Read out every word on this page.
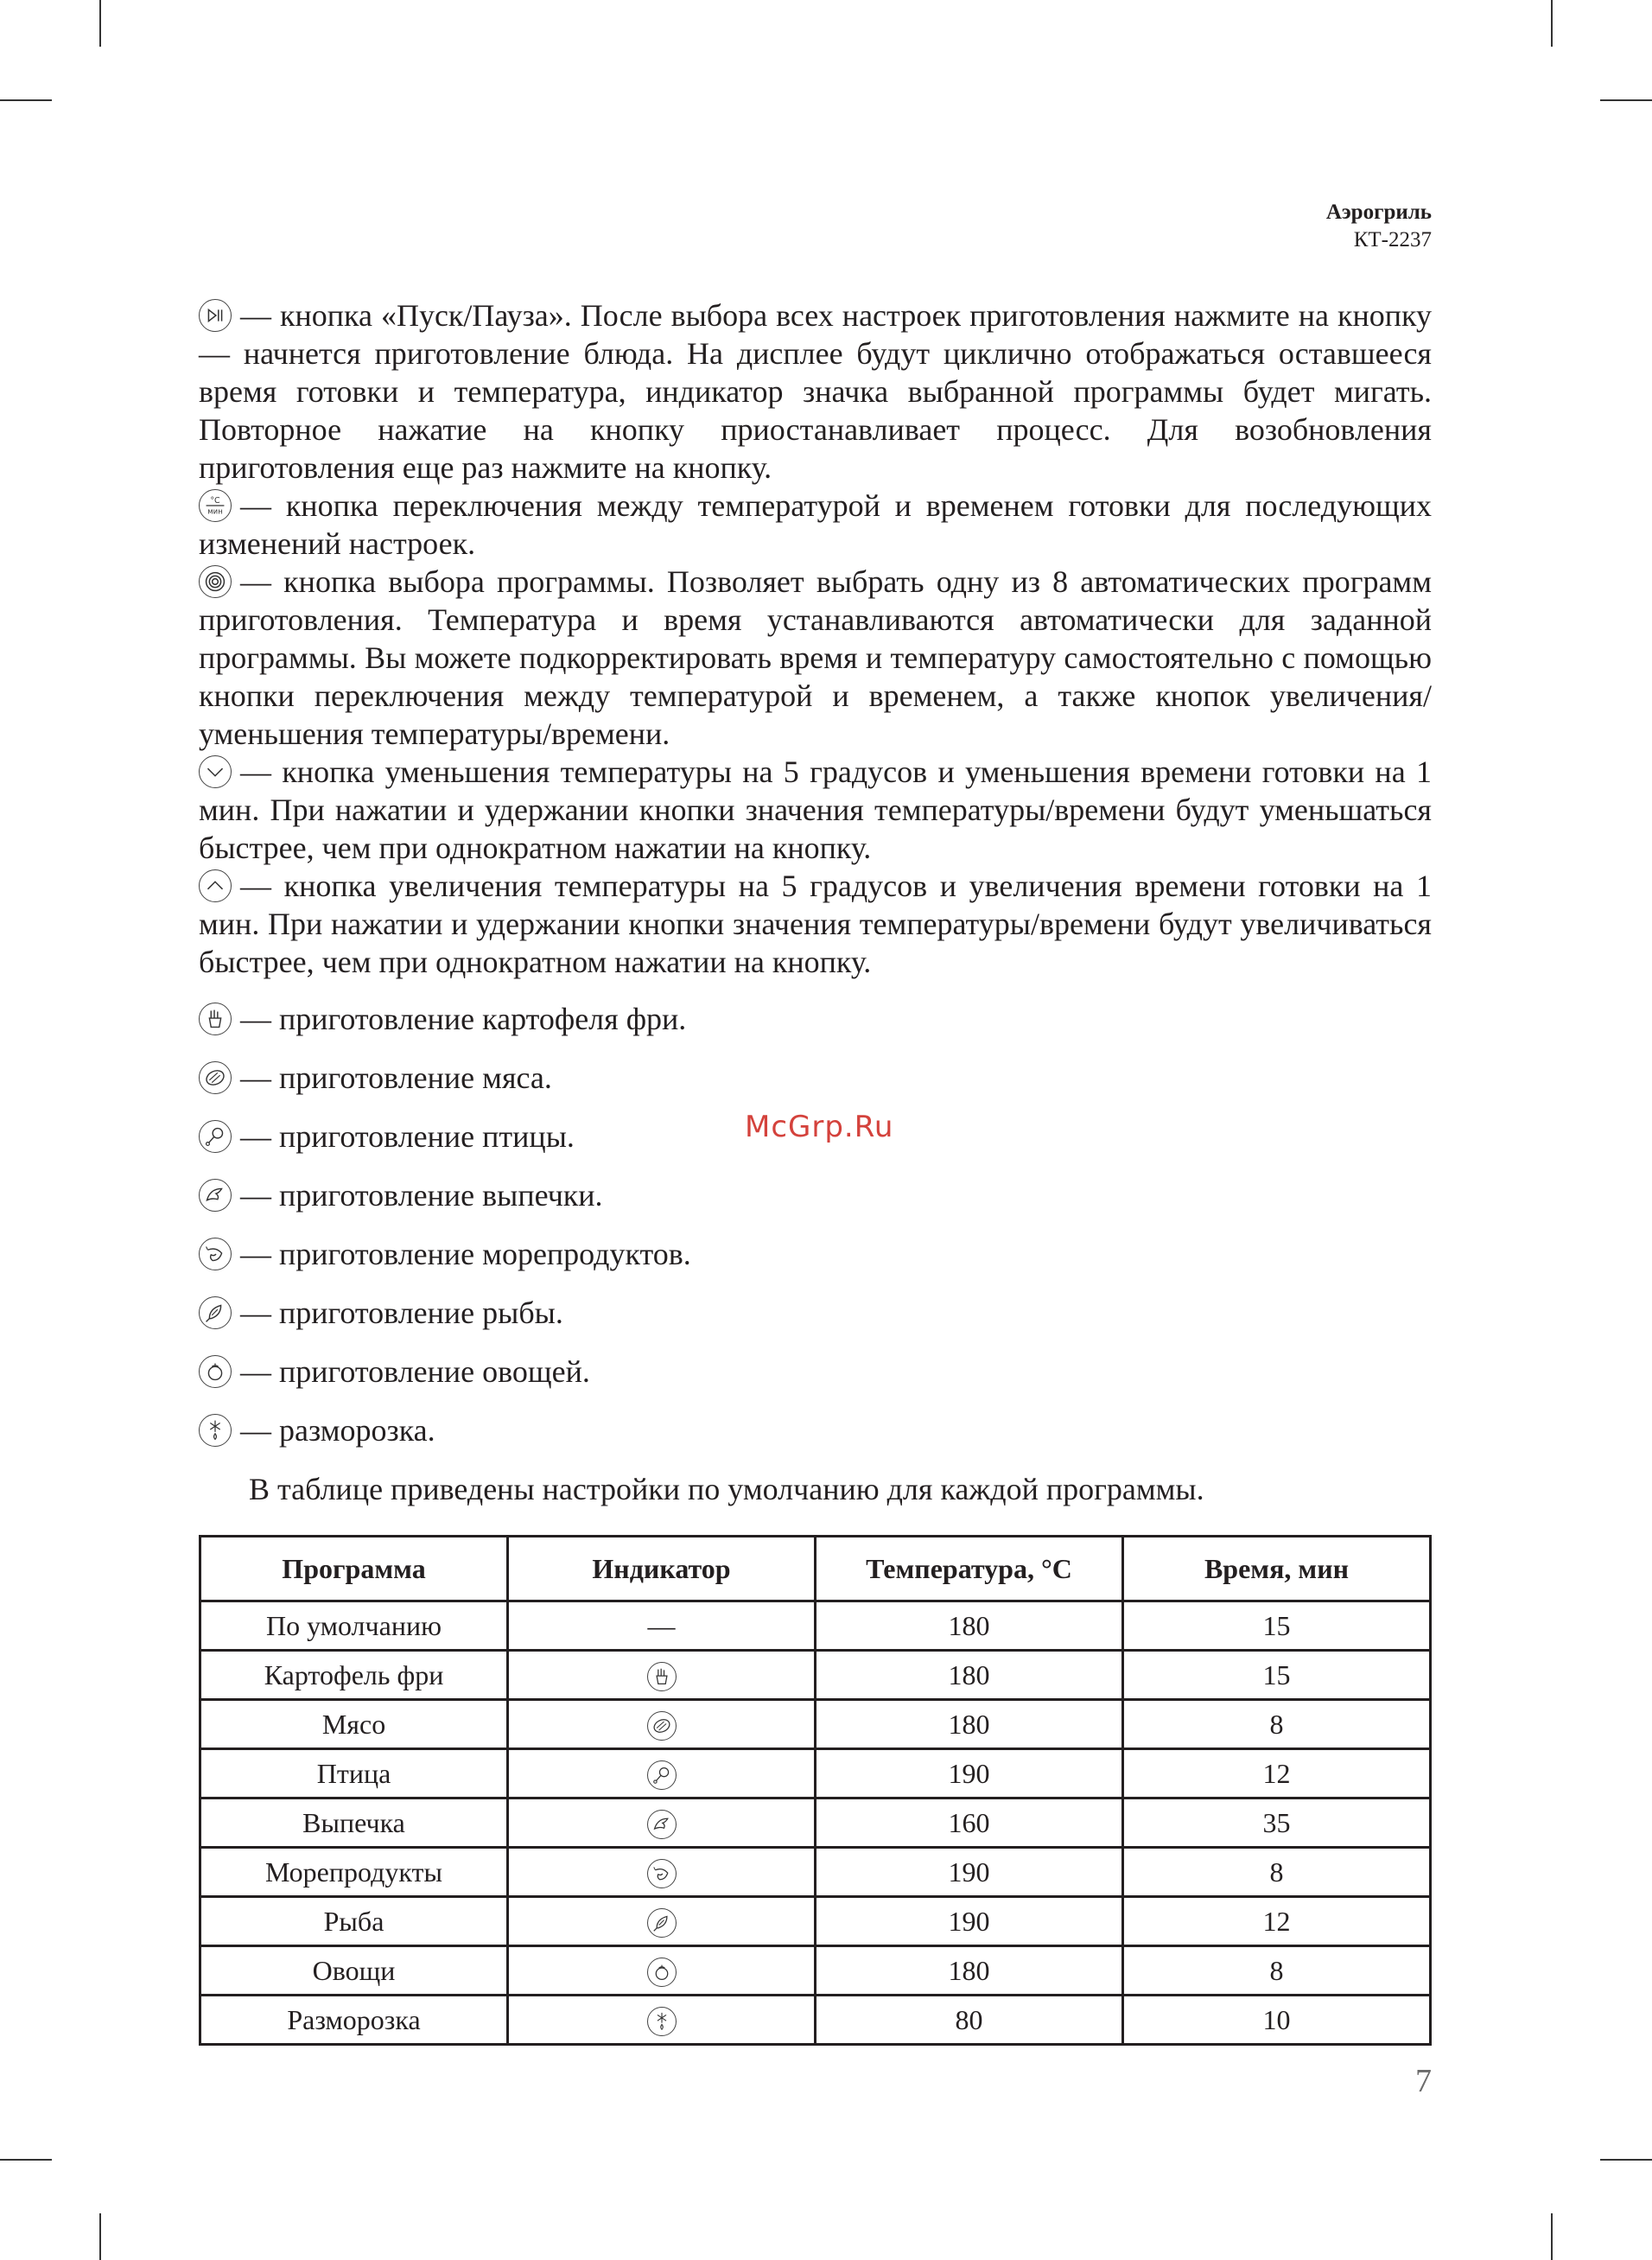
Аэрогриль
КТ-2237

— кнопка «Пуск/Пауза». После выбора всех настроек приготовления нажмите на кнопку — начнется приготовление блюда. На дисплее будут циклично отображаться оставшееся время готовки и температура, индикатор значка выбранной программы будет мигать. Повторное нажатие на кнопку приостанавливает процесс. Для возобновления приготовления еще раз нажмите на кнопку.

°С
мин — кнопка переключения между температурой и временем готовки для последующих изменений настроек.

— кнопка выбора программы. Позволяет выбрать одну из 8 автоматических программ приготовления. Температура и время устанавливаются автоматически для заданной программы. Вы можете подкорректировать время и температуру самостоятельно с помощью кнопки переключения между температурой и временем, а также кнопок увеличения/уменьшения температуры/времени.

— кнопка уменьшения температуры на 5 градусов и уменьшения времени готовки на 1 мин. При нажатии и удержании кнопки значения температуры/времени будут уменьшаться быстрее, чем при однократном нажатии на кнопку.

— кнопка увеличения температуры на 5 градусов и увеличения времени готовки на 1 мин. При нажатии и удержании кнопки значения температуры/времени будут увеличиваться быстрее, чем при однократном нажатии на кнопку.

— приготовление картофеля фри.

— приготовление мяса.

— приготовление птицы.

— приготовление выпечки.

— приготовление морепродуктов.

— приготовление рыбы.

— приготовление овощей.

— разморозка.

В таблице приведены настройки по умолчанию для каждой программы.

Программа	Индикатор	Температура, °С	Время, мин
По умолчанию	—	180	15
Картофель фри		180	15
Мясо		180	8
Птица		190	12
Выпечка		160	35
Морепродукты		190	8
Рыба		190	12
Овощи		180	8
Разморозка		80	10
McGrp.Ru
7
